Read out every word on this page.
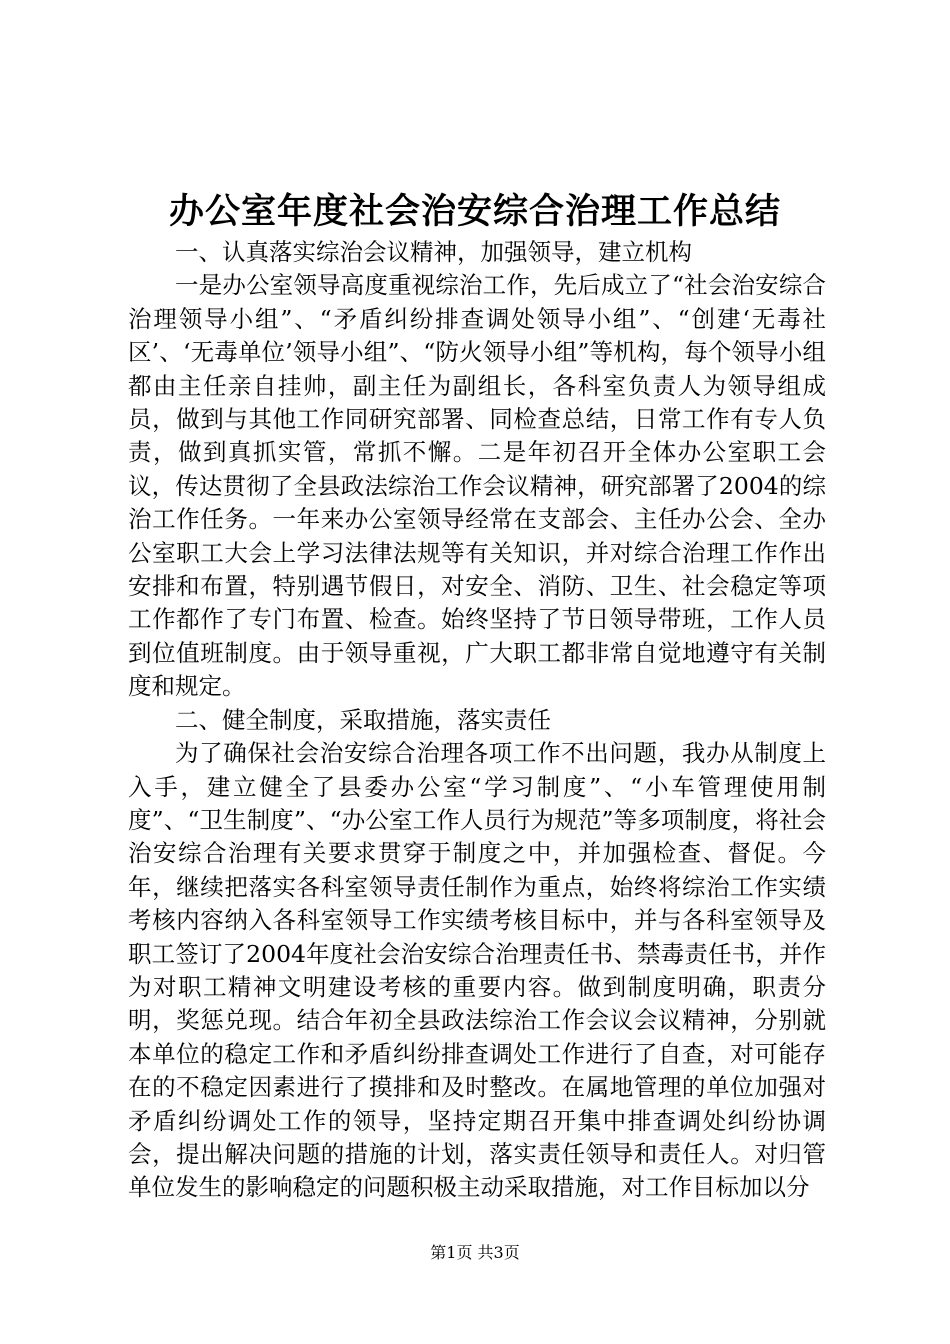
办公室年度社会治安综合治理工作总结

一、认真落实综治会议精神，加强领导，建立机构

一是办公室领导高度重视综治工作，先后成立了“社会治安综合治理领导小组”、“矛盾纠纷排查调处领导小组”、“创建‘无毒社区’、‘无毒单位’领导小组”、“防火领导小组”等机构，每个领导小组都由主任亲自挂帅，副主任为副组长，各科室负责人为领导组成员，做到与其他工作同研究部署、同检查总结，日常工作有专人负责，做到真抓实管，常抓不懈。二是年初召开全体办公室职工会议，传达贯彻了全县政法综治工作会议精神，研究部署了2004的综治工作任务。一年来办公室领导经常在支部会、主任办公会、全办公室职工大会上学习法律法规等有关知识，并对综合治理工作作出安排和布置，特别遇节假日，对安全、消防、卫生、社会稳定等项工作都作了专门布置、检查。始终坚持了节日领导带班，工作人员到位值班制度。由于领导重视，广大职工都非常自觉地遵守有关制度和规定。

二、健全制度，采取措施，落实责任

为了确保社会治安综合治理各项工作不出问题，我办从制度上入手，建立健全了县委办公室“学习制度”、“小车管理使用制度”、“卫生制度”、“办公室工作人员行为规范”等多项制度，将社会治安综合治理有关要求贯穿于制度之中，并加强检查、督促。今年，继续把落实各科室领导责任制作为重点，始终将综治工作实绩考核内容纳入各科室领导工作实绩考核目标中，并与各科室领导及职工签订了2004年度社会治安综合治理责任书、禁毒责任书，并作为对职工精神文明建设考核的重要内容。做到制度明确，职责分明，奖惩兑现。结合年初全县政法综治工作会议会议精神，分别就本单位的稳定工作和矛盾纠纷排查调处工作进行了自查，对可能存在的不稳定因素进行了摸排和及时整改。在属地管理的单位加强对矛盾纠纷调处工作的领导，坚持定期召开集中排查调处纠纷协调会，提出解决问题的措施的计划，落实责任领导和责任人。对归管单位发生的影响稳定的问题积极主动采取措施，对工作目标加以分

第1页 共3页
